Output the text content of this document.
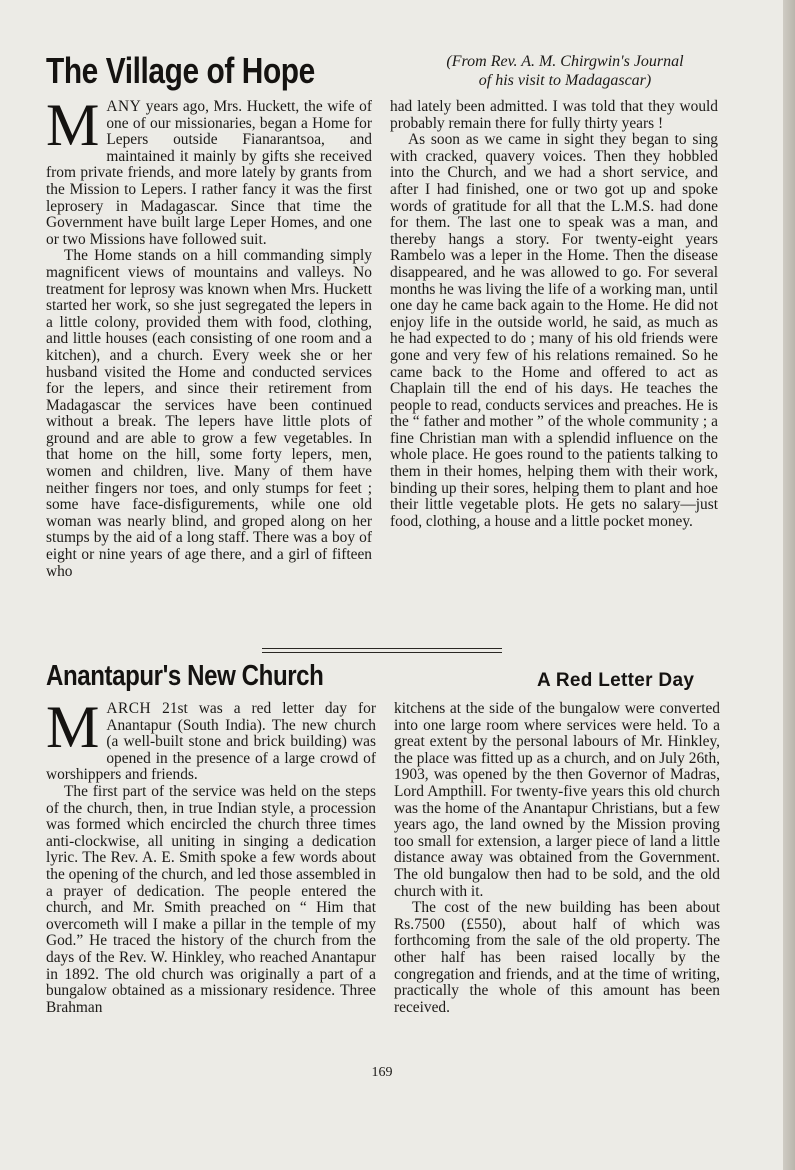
The Village of Hope	(From Rev. A. M. Chirgwin's Journal
of his visit to Madagascar)

MANY years ago, Mrs. Huckett, the wife of one of our missionaries, began a Home for Lepers outside Fianarantsoa, and maintained it mainly by gifts she received from private friends, and more lately by grants from the Mission to Lepers. I rather fancy it was the first leprosery in Madagascar. Since that time the Government have built large Leper Homes, and one or two Missions have followed suit.

The Home stands on a hill commanding simply magnificent views of mountains and valleys. No treatment for leprosy was known when Mrs. Huckett started her work, so she just segregated the lepers in a little colony, provided them with food, clothing, and little houses (each consisting of one room and a kitchen), and a church. Every week she or her husband visited the Home and conducted services for the lepers, and since their retirement from Madagascar the services have been continued without a break. The lepers have little plots of ground and are able to grow a few vegetables. In that home on the hill, some forty lepers, men, women and children, live. Many of them have neither fingers nor toes, and only stumps for feet ; some have face-disfigurements, while one old woman was nearly blind, and groped along on her stumps by the aid of a long staff. There was a boy of eight or nine years of age there, and a girl of fifteen who

had lately been admitted. I was told that they would probably remain there for fully thirty years !

As soon as we came in sight they began to sing with cracked, quavery voices. Then they hobbled into the Church, and we had a short service, and after I had finished, one or two got up and spoke words of gratitude for all that the L.M.S. had done for them. The last one to speak was a man, and thereby hangs a story. For twenty-eight years Rambelo was a leper in the Home. Then the disease disappeared, and he was allowed to go. For several months he was living the life of a working man, until one day he came back again to the Home. He did not enjoy life in the outside world, he said, as much as he had expected to do ; many of his old friends were gone and very few of his relations remained. So he came back to the Home and offered to act as Chaplain till the end of his days. He teaches the people to read, conducts services and preaches. He is the “ father and mother ” of the whole community ; a fine Christian man with a splendid influence on the whole place. He goes round to the patients talking to them in their homes, helping them with their work, binding up their sores, helping them to plant and hoe their little vegetable plots. He gets no salary—just food, clothing, a house and a little pocket money.

Anantapur's New Church	A Red Letter Day

MARCH 21st was a red letter day for Anantapur (South India). The new church (a well-built stone and brick building) was opened in the presence of a large crowd of worshippers and friends.

The first part of the service was held on the steps of the church, then, in true Indian style, a procession was formed which encircled the church three times anti-clockwise, all uniting in singing a dedication lyric. The Rev. A. E. Smith spoke a few words about the opening of the church, and led those assembled in a prayer of dedication. The people entered the church, and Mr. Smith preached on “ Him that overcometh will I make a pillar in the temple of my God.” He traced the history of the church from the days of the Rev. W. Hinkley, who reached Anantapur in 1892. The old church was originally a part of a bungalow obtained as a missionary residence. Three Brahman

kitchens at the side of the bungalow were converted into one large room where services were held. To a great extent by the personal labours of Mr. Hinkley, the place was fitted up as a church, and on July 26th, 1903, was opened by the then Governor of Madras, Lord Ampthill. For twenty-five years this old church was the home of the Anantapur Christians, but a few years ago, the land owned by the Mission proving too small for extension, a larger piece of land a little distance away was obtained from the Government. The old bungalow then had to be sold, and the old church with it.

The cost of the new building has been about Rs.7500 (£550), about half of which was forthcoming from the sale of the old property. The other half has been raised locally by the congregation and friends, and at the time of writing, practically the whole of this amount has been received.

169
